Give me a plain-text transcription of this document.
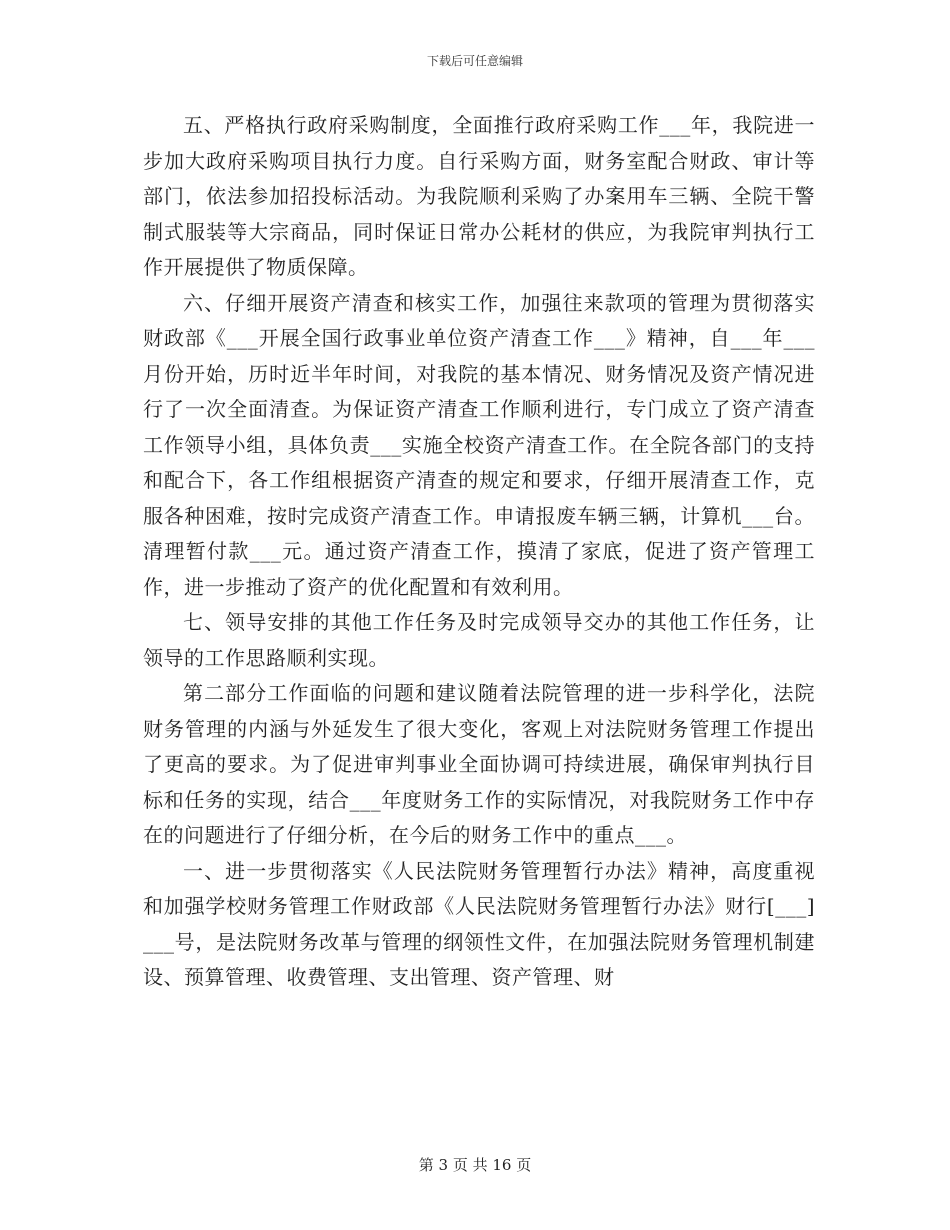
下载后可任意编辑

五、严格执行政府采购制度，全面推行政府采购工作___年，我院进一步加大政府采购项目执行力度。自行采购方面，财务室配合财政、审计等部门，依法参加招投标活动。为我院顺利采购了办案用车三辆、全院干警制式服装等大宗商品，同时保证日常办公耗材的供应，为我院审判执行工作开展提供了物质保障。

六、仔细开展资产清查和核实工作，加强往来款项的管理为贯彻落实财政部《___开展全国行政事业单位资产清查工作___》精神，自___年___月份开始，历时近半年时间，对我院的基本情况、财务情况及资产情况进行了一次全面清查。为保证资产清查工作顺利进行，专门成立了资产清查工作领导小组，具体负责___实施全校资产清查工作。在全院各部门的支持和配合下，各工作组根据资产清查的规定和要求，仔细开展清查工作，克服各种困难，按时完成资产清查工作。申请报废车辆三辆，计算机___台。清理暂付款___元。通过资产清查工作，摸清了家底，促进了资产管理工作，进一步推动了资产的优化配置和有效利用。

七、领导安排的其他工作任务及时完成领导交办的其他工作任务，让领导的工作思路顺利实现。

第二部分工作面临的问题和建议随着法院管理的进一步科学化，法院财务管理的内涵与外延发生了很大变化，客观上对法院财务管理工作提出了更高的要求。为了促进审判事业全面协调可持续进展，确保审判执行目标和任务的实现，结合___年度财务工作的实际情况，对我院财务工作中存在的问题进行了仔细分析，在今后的财务工作中的重点___。

一、进一步贯彻落实《人民法院财务管理暂行办法》精神，高度重视和加强学校财务管理工作财政部《人民法院财务管理暂行办法》财行[___]___号，是法院财务改革与管理的纲领性文件，在加强法院财务管理机制建设、预算管理、收费管理、支出管理、资产管理、财

第 3 页 共 16 页
